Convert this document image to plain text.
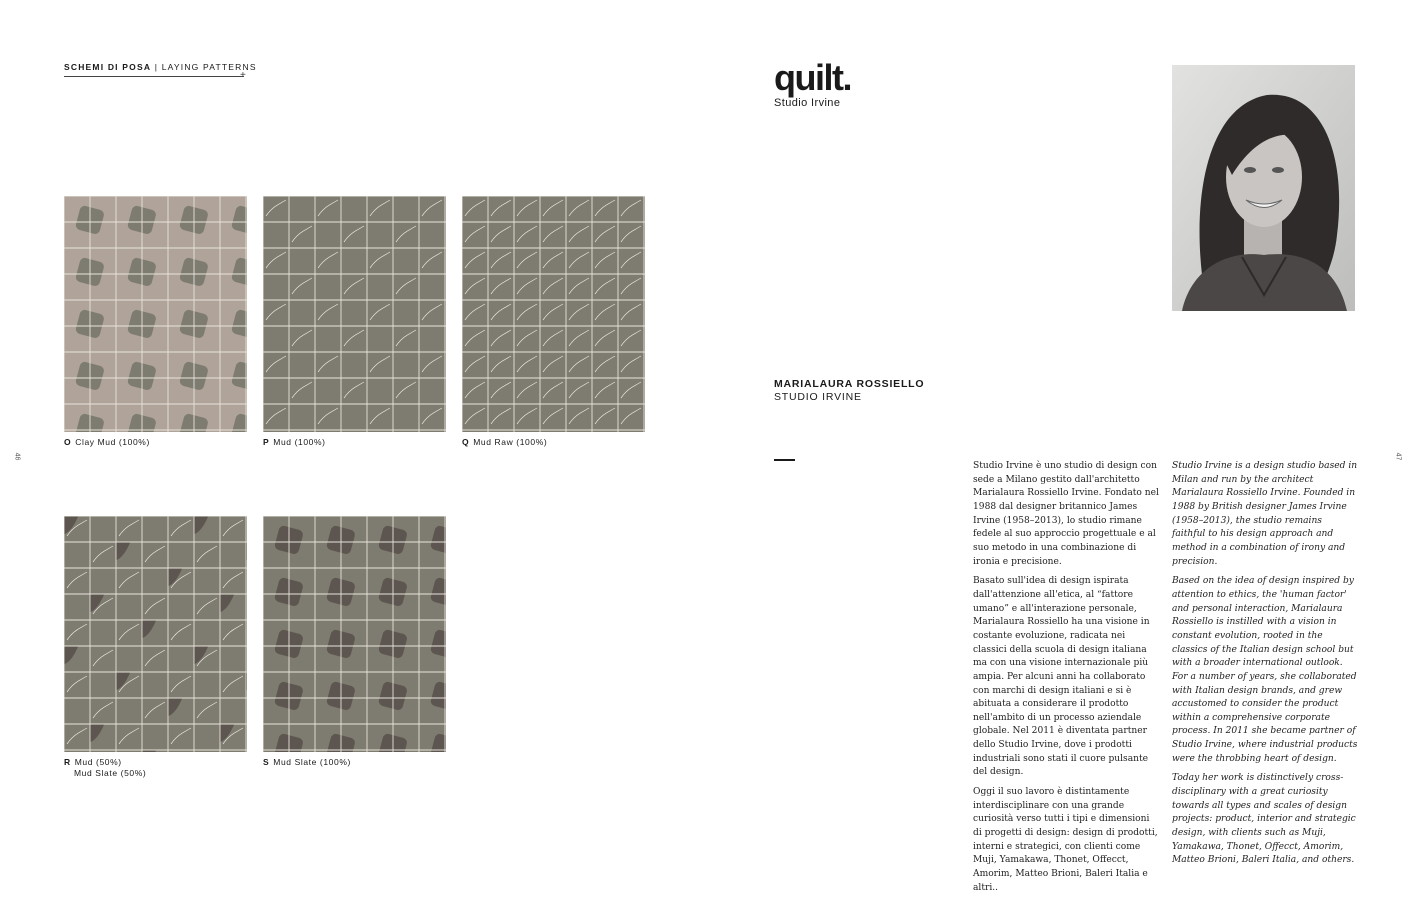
SCHEMI DI POSA | LAYING PATTERNS
+
46	47
O Clay Mud (100%)	P Mud (100%)	Q Mud Raw (100%)
R Mud (50%)
Mud Slate (50%)
S Mud Slate (100%)
quilt.
Studio Irvine
MARIALAURA ROSSIELLO
STUDIO IRVINE

Studio Irvine è uno studio di design con sede a Milano gestito dall'architetto Marialaura Rossiello Irvine. Fondato nel 1988 dal designer britannico James Irvine (1958–2013), lo studio rimane fedele al suo approccio progettuale e al suo metodo in una combinazione di ironia e precisione.

Basato sull'idea di design ispirata dall'attenzione all'etica, al “fattore umano” e all'interazione personale, Marialaura Rossiello ha una visione in costante evoluzione, radicata nei classici della scuola di design italiana ma con una visione internazionale più ampia. Per alcuni anni ha collaborato con marchi di design italiani e si è abituata a considerare il prodotto nell'ambito di un processo aziendale globale. Nel 2011 è diventata partner dello Studio Irvine, dove i prodotti industriali sono stati il cuore pulsante del design.

Oggi il suo lavoro è distintamente interdisciplinare con una grande curiosità verso tutti i tipi e dimensioni di progetti di design: design di prodotti, interni e strategici, con clienti come Muji, Yamakawa, Thonet, Offecct, Amorim, Matteo Brioni, Baleri Italia e altri..

Studio Irvine is a design studio based in Milan and run by the architect Marialaura Rossiello Irvine. Founded in 1988 by British designer James Irvine (1958–2013), the studio remains faithful to his design approach and method in a combination of irony and precision.

Based on the idea of design inspired by attention to ethics, the 'human factor' and personal interaction, Marialaura Rossiello is instilled with a vision in constant evolution, rooted in the classics of the Italian design school but with a broader international outlook. For a number of years, she collaborated with Italian design brands, and grew accustomed to consider the product within a comprehensive corporate process. In 2011 she became partner of Studio Irvine, where industrial products were the throbbing heart of design.

Today her work is distinctively cross-disciplinary with a great curiosity towards all types and scales of design projects: product, interior and strategic design, with clients such as Muji, Yamakawa, Thonet, Offecct, Amorim, Matteo Brioni, Baleri Italia, and others.
